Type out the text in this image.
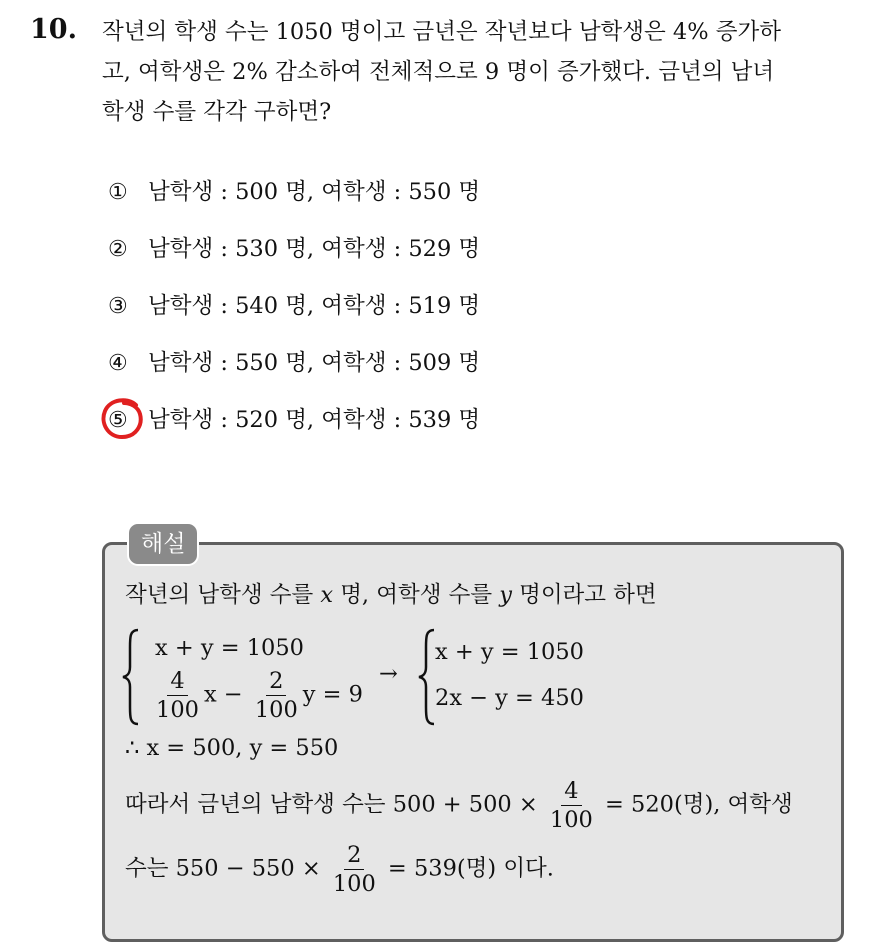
10. 작년의 학생 수는 1050 명이고 금년은 작년보다 남학생은 4% 증가하
고, 여학생은 2% 감소하여 전체적으로 9 명이 증가했다. 금년의 남녀
학생 수를 각각 구하면?
① 남학생 : 500 명, 여학생 : 550 명
② 남학생 : 530 명, 여학생 : 529 명
③ 남학생 : 540 명, 여학생 : 519 명
④ 남학생 : 550 명, 여학생 : 509 명
⑤ 남학생 : 520 명, 여학생 : 539 명
해설
작년의 남학생 수를 x 명, 여학생 수를 y 명이라고 하면
x + y = 1050
$\frac{4}{100}$ $x - \frac{2}{100}$ y = 9
→
x + y = 1050
2x − y = 450
∴ x = 500, y = 550
따라서 금년의 남학생 수는 $500 + 500 \times \frac{4}{100} = 520$(명), 여학생
수는 $550 - 550 \times \frac{2}{100} = 539$(명) 이다.
